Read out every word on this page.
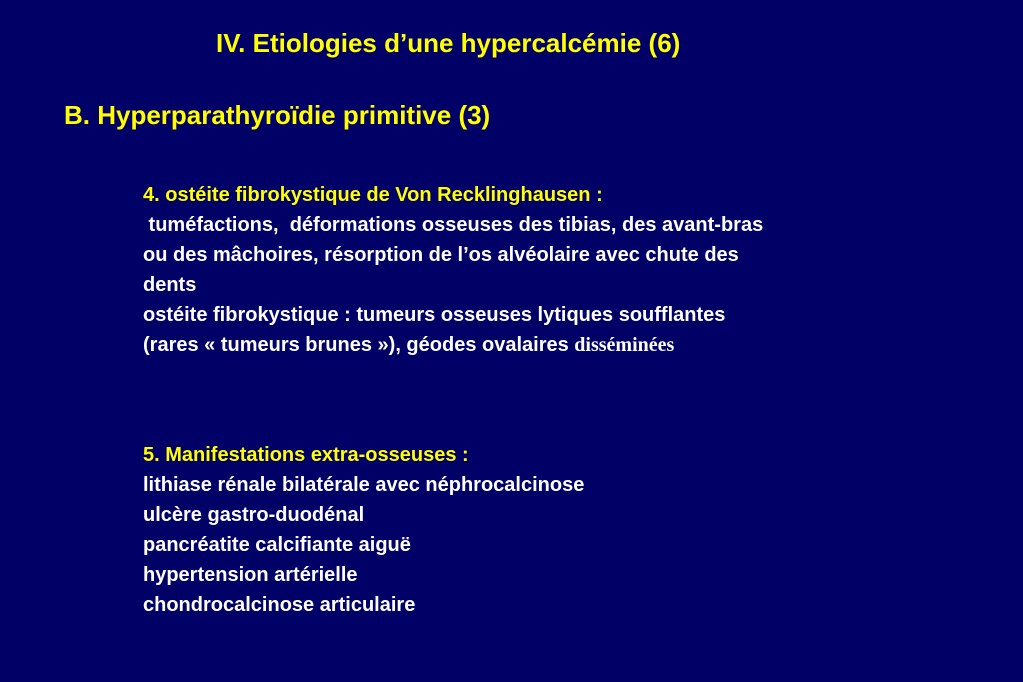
IV. Etiologies d’une hypercalcémie (6)
B. Hyperparathyroïdie primitive (3)
4. ostéite fibrokystique de Von Recklinghausen :
tuméfactions,  déformations osseuses des tibias, des avant-bras
ou des mâchoires, résorption de l’os alvéolaire avec chute des
dents
ostéite fibrokystique : tumeurs osseuses lytiques soufflantes
(rares « tumeurs brunes »), géodes ovalaires disséminées
5. Manifestations extra-osseuses :
lithiase rénale bilatérale avec néphrocalcinose
ulcère gastro-duodénal
pancréatite calcifiante aiguë
hypertension artérielle
chondrocalcinose articulaire
